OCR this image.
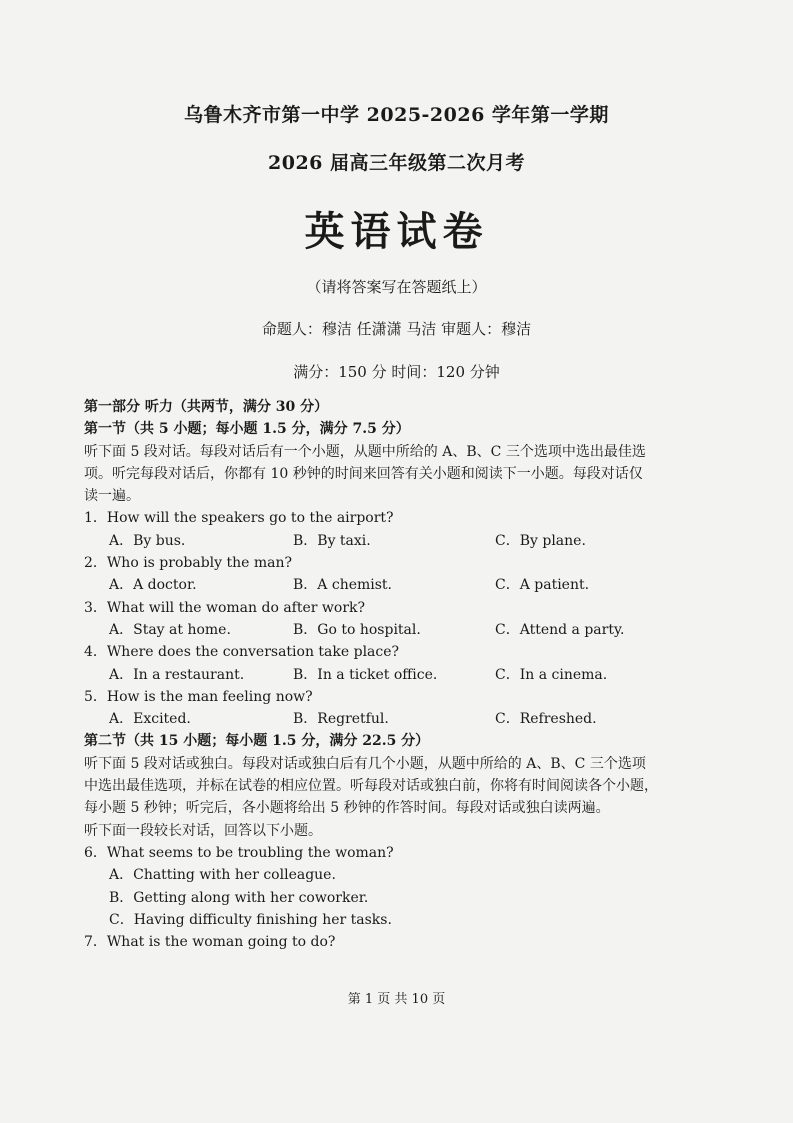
乌鲁木齐市第一中学 2025-2026 学年第一学期
2026 届高三年级第二次月考
英语试卷
（请将答案写在答题纸上）
命题人：穆洁 任潇潇 马洁 审题人：穆洁
满分：150 分 时间：120 分钟
第一部分 听力（共两节，满分 30 分）
第一节（共 5 小题；每小题 1.5 分，满分 7.5 分）
听下面 5 段对话。每段对话后有一个小题，从题中所给的 A、B、C 三个选项中选出最佳选
项。听完每段对话后，你都有 10 秒钟的时间来回答有关小题和阅读下一小题。每段对话仅
读一遍。
1．How will the speakers go to the airport?
A．By bus.	B．By taxi.	C．By plane.
2．Who is probably the man?
A．A doctor.	B．A chemist.	C．A patient.
3．What will the woman do after work?
A．Stay at home.	B．Go to hospital.	C．Attend a party.
4．Where does the conversation take place?
A．In a restaurant.	B．In a ticket office.	C．In a cinema.
5．How is the man feeling now?
A．Excited.	B．Regretful.	C．Refreshed.
第二节（共 15 小题；每小题 1.5 分，满分 22.5 分）
听下面 5 段对话或独白。每段对话或独白后有几个小题，从题中所给的 A、B、C 三个选项
中选出最佳选项，并标在试卷的相应位置。听每段对话或独白前，你将有时间阅读各个小题，
每小题 5 秒钟；听完后，各小题将给出 5 秒钟的作答时间。每段对话或独白读两遍。
听下面一段较长对话，回答以下小题。
6．What seems to be troubling the woman?
A．Chatting with her colleague.
B．Getting along with her coworker.
C．Having difficulty finishing her tasks.
7．What is the woman going to do?
第 1 页 共 10 页
